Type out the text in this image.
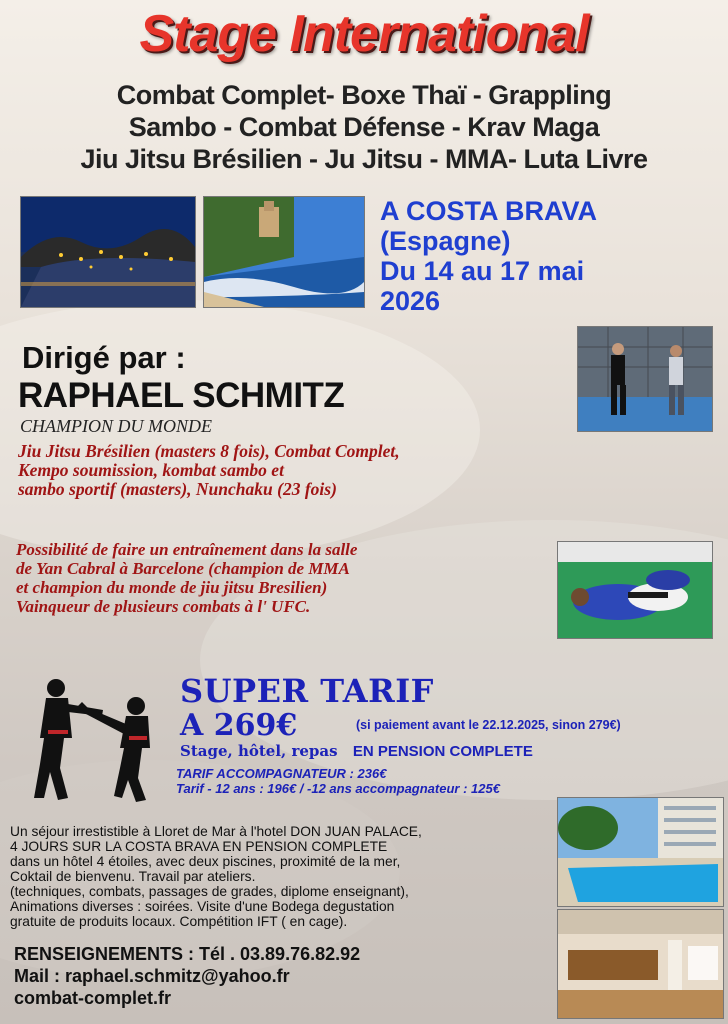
Stage International
Combat Complet- Boxe Thaï - Grappling
Sambo - Combat Défense - Krav Maga
Jiu Jitsu Brésilien - Ju Jitsu - MMA- Luta Livre
A COSTA BRAVA
(Espagne)
Du 14 au 17 mai
2026
Dirigé par :
RAPHAEL SCHMITZ
CHAMPION DU MONDE
Jiu Jitsu Brésilien (masters 8 fois), Combat Complet,
Kempo soumission, kombat sambo et
sambo sportif (masters), Nunchaku (23 fois)
Possibilité de faire un entraînement dans la salle
de Yan Cabral à Barcelone (champion de MMA
et champion du monde de jiu jitsu Bresilien)
Vainqueur de plusieurs combats à l' UFC.
SUPER TARIF
A 269€	(si paiement avant le 22.12.2025, sinon 279€)
Stage, hôtel, repas EN PENSION COMPLETE
TARIF ACCOMPAGNATEUR : 236€
Tarif - 12 ans : 196€ / -12 ans accompagnateur : 125€
Un séjour irrestistible à Lloret de Mar à l'hotel DON JUAN PALACE,
4 JOURS SUR LA COSTA BRAVA EN PENSION COMPLETE
dans un hôtel 4 étoiles, avec deux piscines, proximité de la mer,
Coktail de bienvenu. Travail par ateliers.
(techniques, combats, passages de grades, diplome enseignant),
Animations diverses : soirées. Visite d'une Bodega degustation
gratuite de produits locaux. Compétition IFT ( en cage).
RENSEIGNEMENTS : Tél . 03.89.76.82.92
Mail : raphael.schmitz@yahoo.fr
combat-complet.fr
